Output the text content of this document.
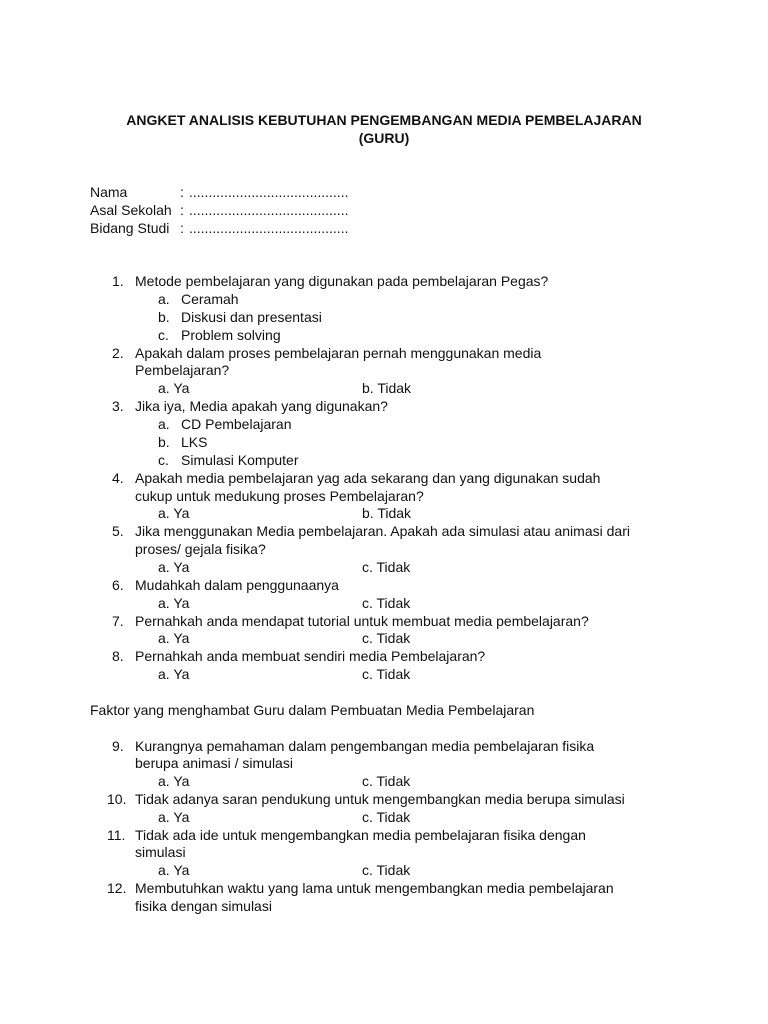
ANGKET ANALISIS KEBUTUHAN PENGEMBANGAN MEDIA PEMBELAJARAN
(GURU)
Nama	: .........................................
Asal Sekolah : .........................................
Bidang Studi : .........................................
1. Metode pembelajaran yang digunakan pada pembelajaran Pegas?
a. Ceramah
b. Diskusi dan presentasi
c. Problem solving
2. Apakah dalam proses pembelajaran pernah menggunakan media
Pembelajaran?
a. Ya	b. Tidak
3. Jika iya, Media apakah yang digunakan?
a. CD Pembelajaran
b. LKS
c. Simulasi Komputer
4. Apakah media pembelajaran yag ada sekarang dan yang digunakan sudah
cukup untuk medukung proses Pembelajaran?
a. Ya	b. Tidak
5. Jika menggunakan Media pembelajaran. Apakah ada simulasi atau animasi dari
proses/ gejala fisika?
a. Ya	c. Tidak
6. Mudahkah dalam penggunaanya
a. Ya	c. Tidak
7. Pernahkah anda mendapat tutorial untuk membuat media pembelajaran?
a. Ya	c. Tidak
8. Pernahkah anda membuat sendiri media Pembelajaran?
a. Ya	c. Tidak
Faktor yang menghambat Guru dalam Pembuatan Media Pembelajaran
9. Kurangnya pemahaman dalam pengembangan media pembelajaran fisika
berupa animasi / simulasi
a. Ya	c. Tidak
10. Tidak adanya saran pendukung untuk mengembangkan media berupa simulasi
a. Ya	c. Tidak
11. Tidak ada ide untuk mengembangkan media pembelajaran fisika dengan
simulasi
a. Ya	c. Tidak
12. Membutuhkan waktu yang lama untuk mengembangkan media pembelajaran
fisika dengan simulasi
